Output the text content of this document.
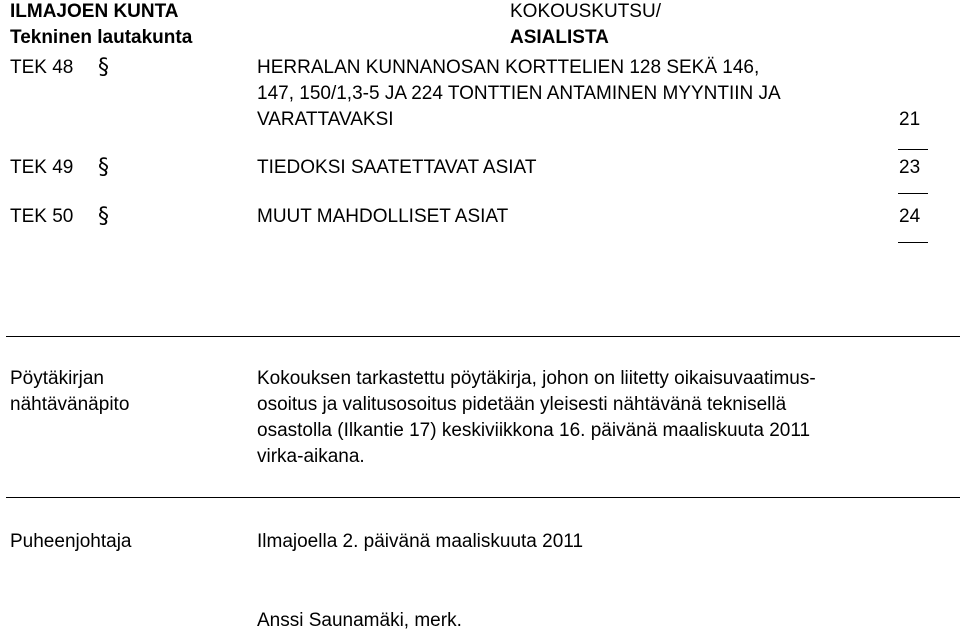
ILMAJOEN KUNTA
Tekninen lautakunta
KOKOUSKUTSU/
ASIALISTA
TEK 48 §	HERRALAN KUNNANOSAN KORTTELIEN 128 SEKÄ 146,
147, 150/1,3-5 JA 224 TONTTIEN ANTAMINEN MYYNTIIN JA
VARATTAVAKSI	21
TEK 49 §	TIEDOKSI SAATETTAVAT ASIAT	23
TEK 50 §	MUUT MAHDOLLISET ASIAT	24
Pöytäkirjan
nähtävänäpito
Kokouksen tarkastettu pöytäkirja, johon on liitetty oikaisuvaatimus-
osoitus ja valitusosoitus pidetään yleisesti nähtävänä teknisellä
osastolla (Ilkantie 17) keskiviikkona 16. päivänä maaliskuuta 2011
virka-aikana.
Puheenjohtaja	Ilmajoella 2. päivänä maaliskuuta 2011
Anssi Saunamäki, merk.
